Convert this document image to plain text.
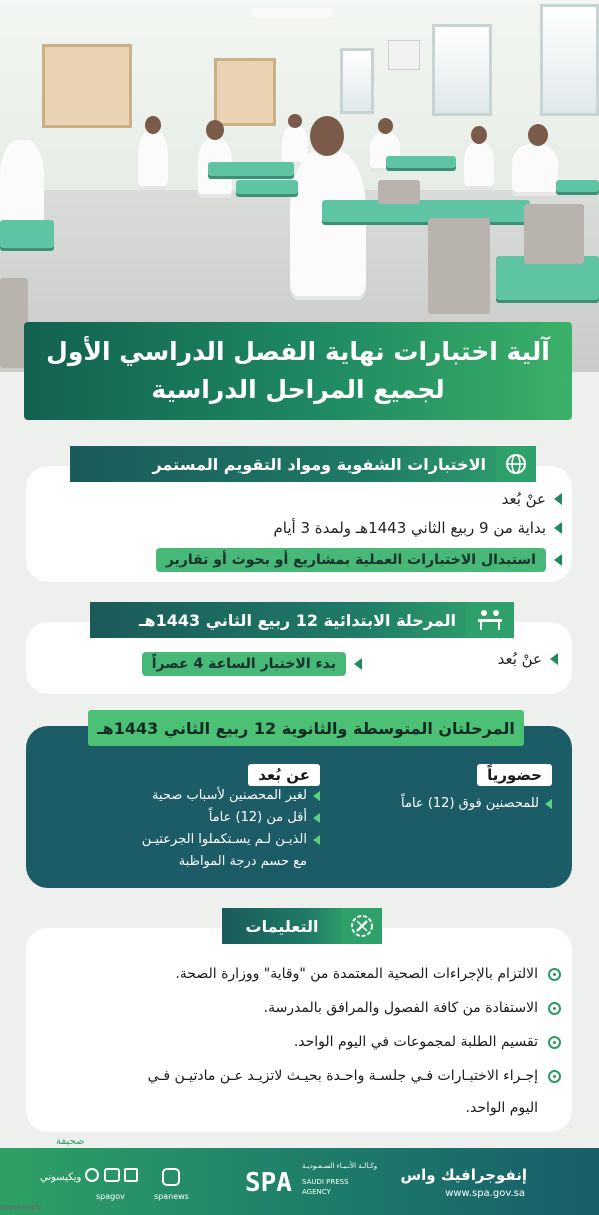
آلية اختبارات نهاية الفصل الدراسي الأول
لجميع المراحل الدراسية
عنْ بُعد
بداية من 9 ربيع الثاني 1443هـ ولمدة 3 أيام
استبدال الاختبارات العملية بمشاريع أو بحوث أو تقارير
الاختبارات الشفوية ومواد التقويم المستمر
عنْ بُعد
بدء الاختبار الساعة 4 عصراً
المرحلة الابتدائية 12 ربيع الثاني 1443هـ
حضورياً
للمحصنين فوق (12) عاماً
عن بُعد
لغير المحصنين لأسباب صحية
أقل من (12) عاماً
الذيـن لـم يسـتكملوا الجرعتيـن
مع حسم درجة المواظبة
المرحلتان المتوسطة والثانوية 12 ربيع الثاني 1443هـ
التعليمات
الالتزام بالإجراءات الصحية المعتمدة من "وقاية" ووزارة الصحة.
الاستفادة من كافة الفصول والمرافق بالمدرسة.
تقسيم الطلبة لمجموعات في اليوم الواحد.
إجـراء الاختبـارات فـي جلسـة واحـدة بحيـث لاتزيـد عـن مادتيـن فـي
اليوم الواحد.
إنفوجرافيك واس
www.spa.gov.sa
SPA
وكـالـة الأنـبـاء السـعـوديـة
SAUDI PRESS
AGENCY
spanews
spagov
صحيفة
ويكيسوني
MNGRHTKN
